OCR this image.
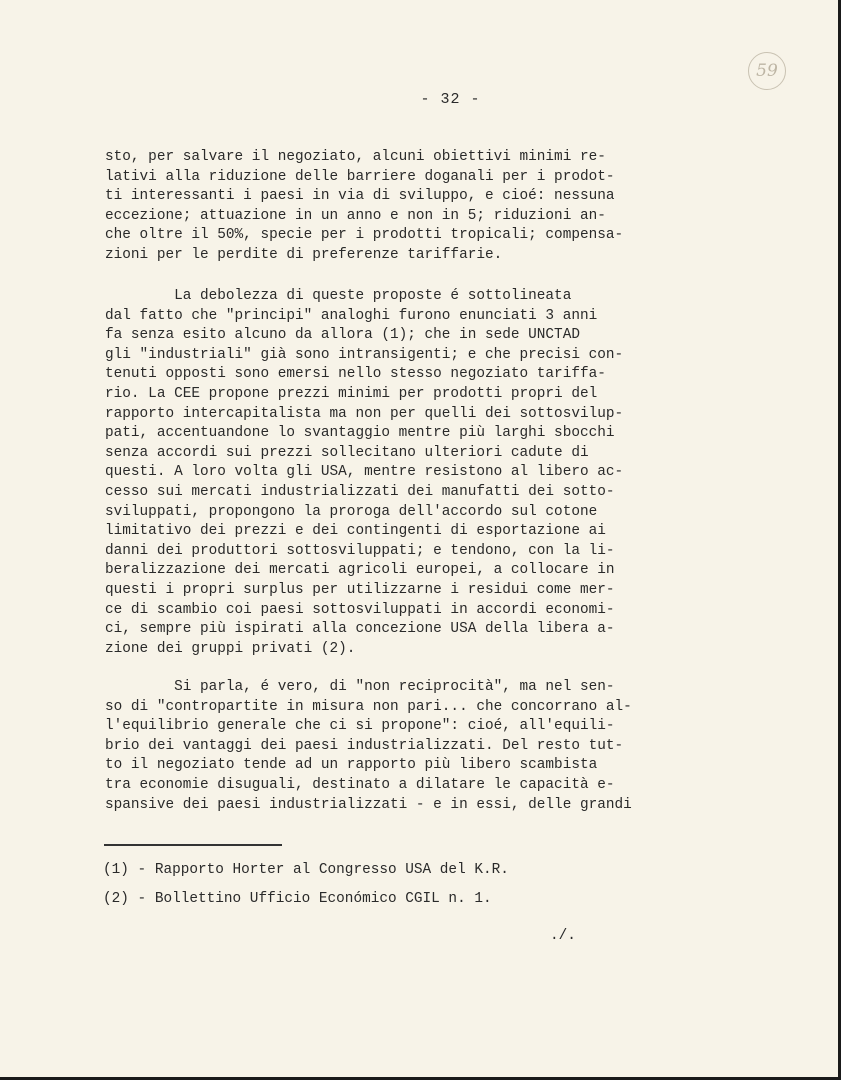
59
- 32 -

sto, per salvare il negoziato, alcuni obiettivi minimi re-
lativi alla riduzione delle barriere doganali per i prodot-
ti interessanti i paesi in via di sviluppo, e cioé: nessuna
eccezione; attuazione in un anno e non in 5; riduzioni an-
che oltre il 50%, specie per i prodotti tropicali; compensa-
zioni per le perdite di preferenze tariffarie.

La debolezza di queste proposte é sottolineata
dal fatto che "principi" analoghi furono enunciati 3 anni
fa senza esito alcuno da allora (1); che in sede UNCTAD
gli "industriali" già sono intransigenti; e che precisi con-
tenuti opposti sono emersi nello stesso negoziato tariffa-
rio. La CEE propone prezzi minimi per prodotti propri del
rapporto intercapitalista ma non per quelli dei sottosvilup-
pati, accentuandone lo svantaggio mentre più larghi sbocchi
senza accordi sui prezzi sollecitano ulteriori cadute di
questi. A loro volta gli USA, mentre resistono al libero ac-
cesso sui mercati industrializzati dei manufatti dei sotto-
sviluppati, propongono la proroga dell'accordo sul cotone
limitativo dei prezzi e dei contingenti di esportazione ai
danni dei produttori sottosviluppati; e tendono, con la li-
beralizzazione dei mercati agricoli europei, a collocare in
questi i propri surplus per utilizzarne i residui come mer-
ce di scambio coi paesi sottosviluppati in accordi economi-
ci, sempre più ispirati alla concezione USA della libera a-
zione dei gruppi privati (2).

Si parla, é vero, di "non reciprocità", ma nel sen-
so di "contropartite in misura non pari... che concorrano al-
l'equilibrio generale che ci si propone": cioé, all'equili-
brio dei vantaggi dei paesi industrializzati. Del resto tut-
to il negoziato tende ad un rapporto più libero scambista
tra economie disuguali, destinato a dilatare le capacità e-
spansive dei paesi industrializzati - e in essi, delle grandi

(1) - Rapporto Horter al Congresso USA del K.R.

(2) - Bollettino Ufficio Económico CGIL n. 1.

./.
